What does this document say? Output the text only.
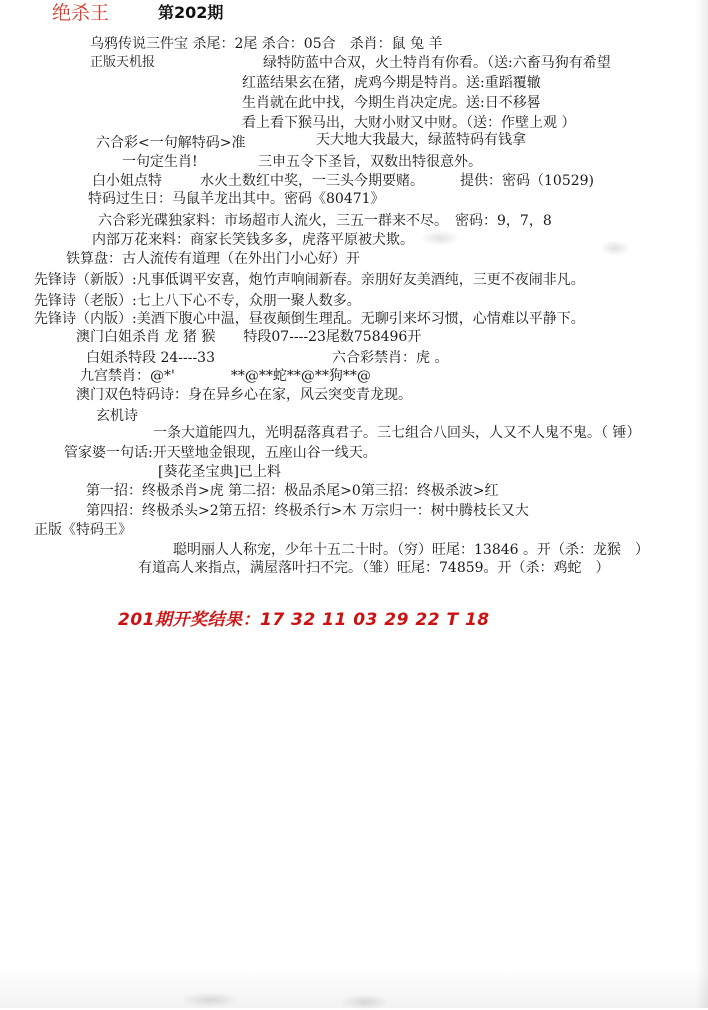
绝杀王	第202期
乌鸦传说三件宝 杀尾：2尾 杀合：05合　杀肖：鼠 兔 羊
正版天机报	绿特防蓝中合双，火土特肖有你看。（送:六畜马狗有希望
红蓝结果玄在猪，虎鸡今期是特肖。送:重蹈覆辙
生肖就在此中找，今期生肖决定虎。送:日不移晷
看上看下猴马出，大财小财又中财。（送：作壁上观 ）
六合彩<一句解特码>准	天大地大我最大，绿蓝特码有钱拿
一句定生肖!	三申五令下圣旨，双数出特很意外。
白小姐点特	水火土数红中奖，一三头今期要赌。	提供：密码（10529)
特码过生日：马鼠羊龙出其中。密码《80471》
六合彩光碟独家料：市场超市人流火，三五一群来不尽。　密码：9，7，8
内部万花来料：商家长笑钱多多，虎落平原被犬欺。
铁算盘：古人流传有道理（在外出门小心好）开
先锋诗（新版）:凡事低调平安喜，炮竹声响闹新春。亲朋好友美酒纯，三更不夜闹非凡。
先锋诗（老版）:七上八下心不专，众朋一聚人数多。
先锋诗（内版）:美酒下腹心中温，昼夜颠倒生理乱。无聊引来坏习惯，心情难以平静下。
澳门白姐杀肖 龙 猪 猴　　特段07----23尾数758496开
白姐杀特段 24----33	六合彩禁肖：虎 。
九宫禁肖：@*'　　　　**@**蛇**@**狗**@
澳门双色特码诗：身在异乡心在家，风云突变青龙现。
玄机诗
一条大道能四九，光明磊落真君子。三七组合八回头，人又不人鬼不鬼。（ 锤）
管家婆一句话:开天壁地金银现，五座山谷一线天。
[葵花圣宝典]已上料
第一招：终极杀肖>虎 第二招：极品杀尾>0第三招：终极杀波>红
第四招：终极杀头>2第五招：终极杀行>木 万宗归一：树中腾枝长又大
正版《特码王》
聪明丽人人称宠，少年十五二十时。（穷）旺尾：13846 。开（杀：龙猴　）
有道高人来指点，满屋落叶扫不完。（雏）旺尾：74859。开（杀：鸡蛇　）
201期开奖结果：17 32 11 03 29 22 T 18
